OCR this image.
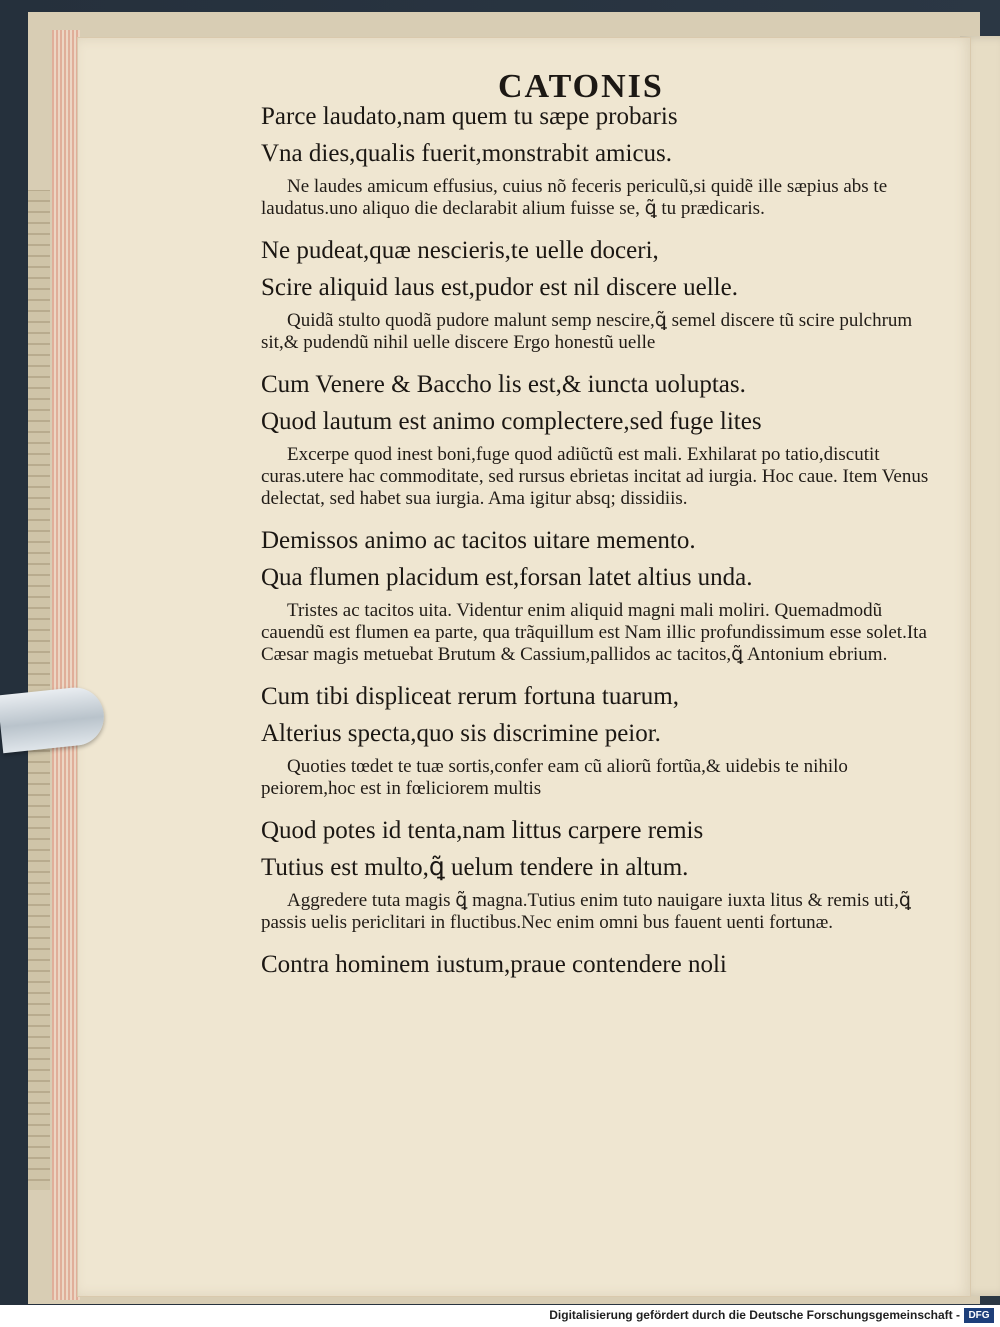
CATONIS

Parce laudato,nam quem tu sæpe probaris

Vna dies,qualis fuerit,monstrabit amicus.

Ne laudes amicum effusius, cuius nõ feceris periculũ,si quidẽ ille sæpius abs te laudatus.uno aliquo die declarabit alium fuisse se, ꝗ̃ tu prædicaris.

Ne pudeat,quæ nescieris,te uelle doceri,

Scire aliquid laus est,pudor est nil discere uelle.

Quidã stulto quodã pudore malunt semp nescire,ꝗ̃ semel discere tũ scire pulchrum sit,& pudendũ nihil uelle discere Ergo honestũ uelle

Cum Venere & Baccho lis est,& iuncta uoluptas.

Quod lautum est animo complectere,sed fuge lites

Excerpe quod inest boni,fuge quod adiũctũ est mali. Exhilarat po tatio,discutit curas.utere hac commoditate, sed rursus ebrietas incitat ad iurgia. Hoc caue. Item Venus delectat, sed habet sua iurgia. Ama igitur absq; dissidiis.

Demissos animo ac tacitos uitare memento.

Qua flumen placidum est,forsan latet altius unda.

Tristes ac tacitos uita. Videntur enim aliquid magni mali moliri. Quemadmodũ cauendũ est flumen ea parte, qua trãquillum est Nam illic profundissimum esse solet.Ita Cæsar magis metuebat Brutum & Cassium,pallidos ac tacitos,ꝗ̃ Antonium ebrium.

Cum tibi displiceat rerum fortuna tuarum,

Alterius specta,quo sis discrimine peior.

Quoties tœdet te tuæ sortis,confer eam cũ aliorũ fortũa,& uidebis te nihilo peiorem,hoc est in fœliciorem multis

Quod potes id tenta,nam littus carpere remis

Tutius est multo,ꝗ̃ uelum tendere in altum.

Aggredere tuta magis ꝗ̃ magna.Tutius enim tuto nauigare iuxta litus & remis uti,ꝗ̃ passis uelis periclitari in fluctibus.Nec enim omni bus fauent uenti fortunæ.

Contra hominem iustum,praue contendere noli

Digitalisierung gefördert durch die Deutsche Forschungsgemeinschaft - DFG
